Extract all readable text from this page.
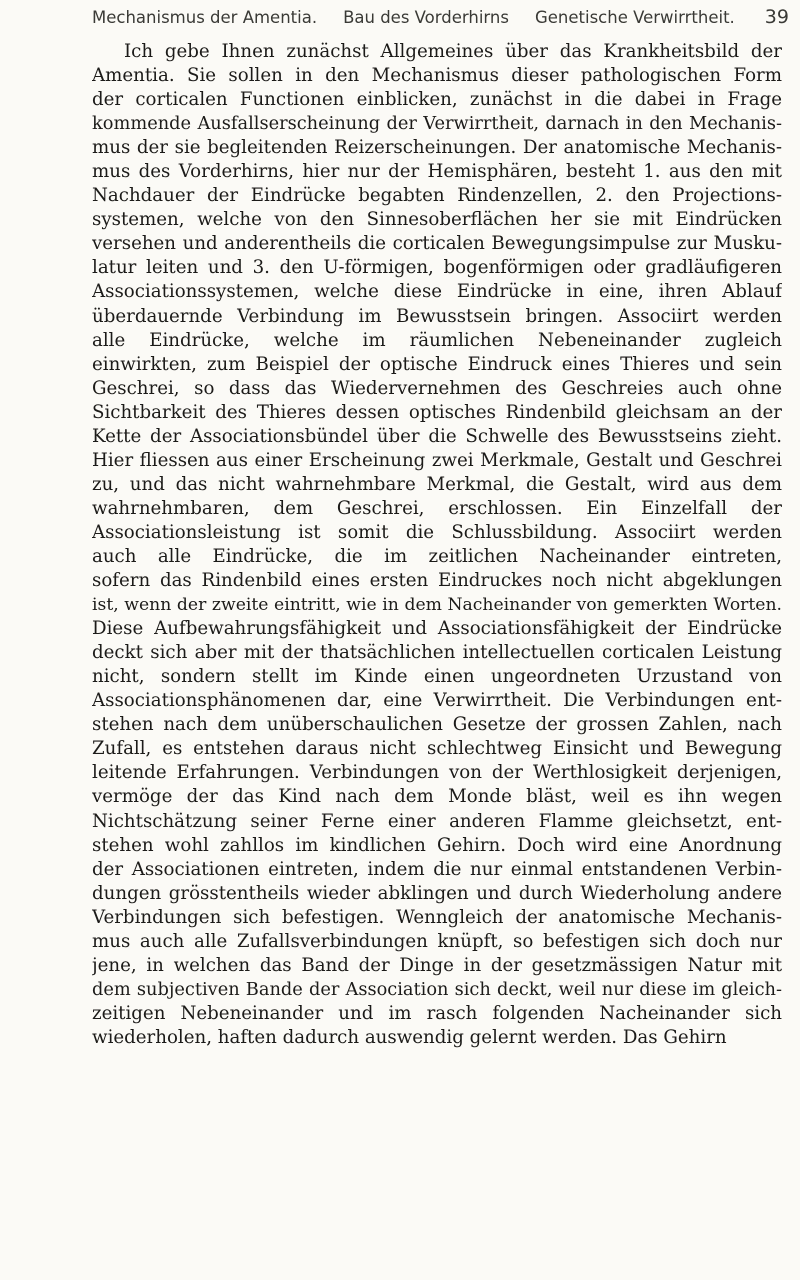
Mechanismus der Amentia. Bau des Vorderhirns Genetische Verwirrtheit. 39
Ich gebe Ihnen zunächst Allgemeines über das Krankheitsbild der
Amentia. Sie sollen in den Mechanismus dieser pathologischen Form
der corticalen Functionen einblicken, zunächst in die dabei in Frage
kommende Ausfallserscheinung der Verwirrtheit, darnach in den Mechanis-
mus der sie begleitenden Reizerscheinungen. Der anatomische Mechanis-
mus des Vorderhirns, hier nur der Hemisphären, besteht 1. aus den mit
Nachdauer der Eindrücke begabten Rindenzellen, 2. den Projections-
systemen, welche von den Sinnesoberflächen her sie mit Eindrücken
versehen und anderentheils die corticalen Bewegungsimpulse zur Musku-
latur leiten und 3. den U-förmigen, bogenförmigen oder gradläufigeren
Associationssystemen, welche diese Eindrücke in eine, ihren Ablauf
überdauernde Verbindung im Bewusstsein bringen. Associirt werden
alle Eindrücke, welche im räumlichen Nebeneinander zugleich
einwirkten, zum Beispiel der optische Eindruck eines Thieres und sein
Geschrei, so dass das Wiedervernehmen des Geschreies auch ohne
Sichtbarkeit des Thieres dessen optisches Rindenbild gleichsam an der
Kette der Associationsbündel über die Schwelle des Bewusstseins zieht.
Hier fliessen aus einer Erscheinung zwei Merkmale, Gestalt und Geschrei
zu, und das nicht wahrnehmbare Merkmal, die Gestalt, wird aus dem
wahrnehmbaren, dem Geschrei, erschlossen. Ein Einzelfall der
Associationsleistung ist somit die Schlussbildung. Associirt werden
auch alle Eindrücke, die im zeitlichen Nacheinander eintreten,
sofern das Rindenbild eines ersten Eindruckes noch nicht abgeklungen
ist, wenn der zweite eintritt, wie in dem Nacheinander von gemerkten Worten.
Diese Aufbewahrungsfähigkeit und Associationsfähigkeit der Eindrücke
deckt sich aber mit der thatsächlichen intellectuellen corticalen Leistung
nicht, sondern stellt im Kinde einen ungeordneten Urzustand von
Associationsphänomenen dar, eine Verwirrtheit. Die Verbindungen ent-
stehen nach dem unüberschaulichen Gesetze der grossen Zahlen, nach
Zufall, es entstehen daraus nicht schlechtweg Einsicht und Bewegung
leitende Erfahrungen. Verbindungen von der Werthlosigkeit derjenigen,
vermöge der das Kind nach dem Monde bläst, weil es ihn wegen
Nichtschätzung seiner Ferne einer anderen Flamme gleichsetzt, ent-
stehen wohl zahllos im kindlichen Gehirn. Doch wird eine Anordnung
der Associationen eintreten, indem die nur einmal entstandenen Verbin-
dungen grösstentheils wieder abklingen und durch Wiederholung andere
Verbindungen sich befestigen. Wenngleich der anatomische Mechanis-
mus auch alle Zufallsverbindungen knüpft, so befestigen sich doch nur
jene, in welchen das Band der Dinge in der gesetzmässigen Natur mit
dem subjectiven Bande der Association sich deckt, weil nur diese im gleich-
zeitigen Nebeneinander und im rasch folgenden Nacheinander sich
wiederholen, haften dadurch auswendig gelernt werden. Das Gehirn
